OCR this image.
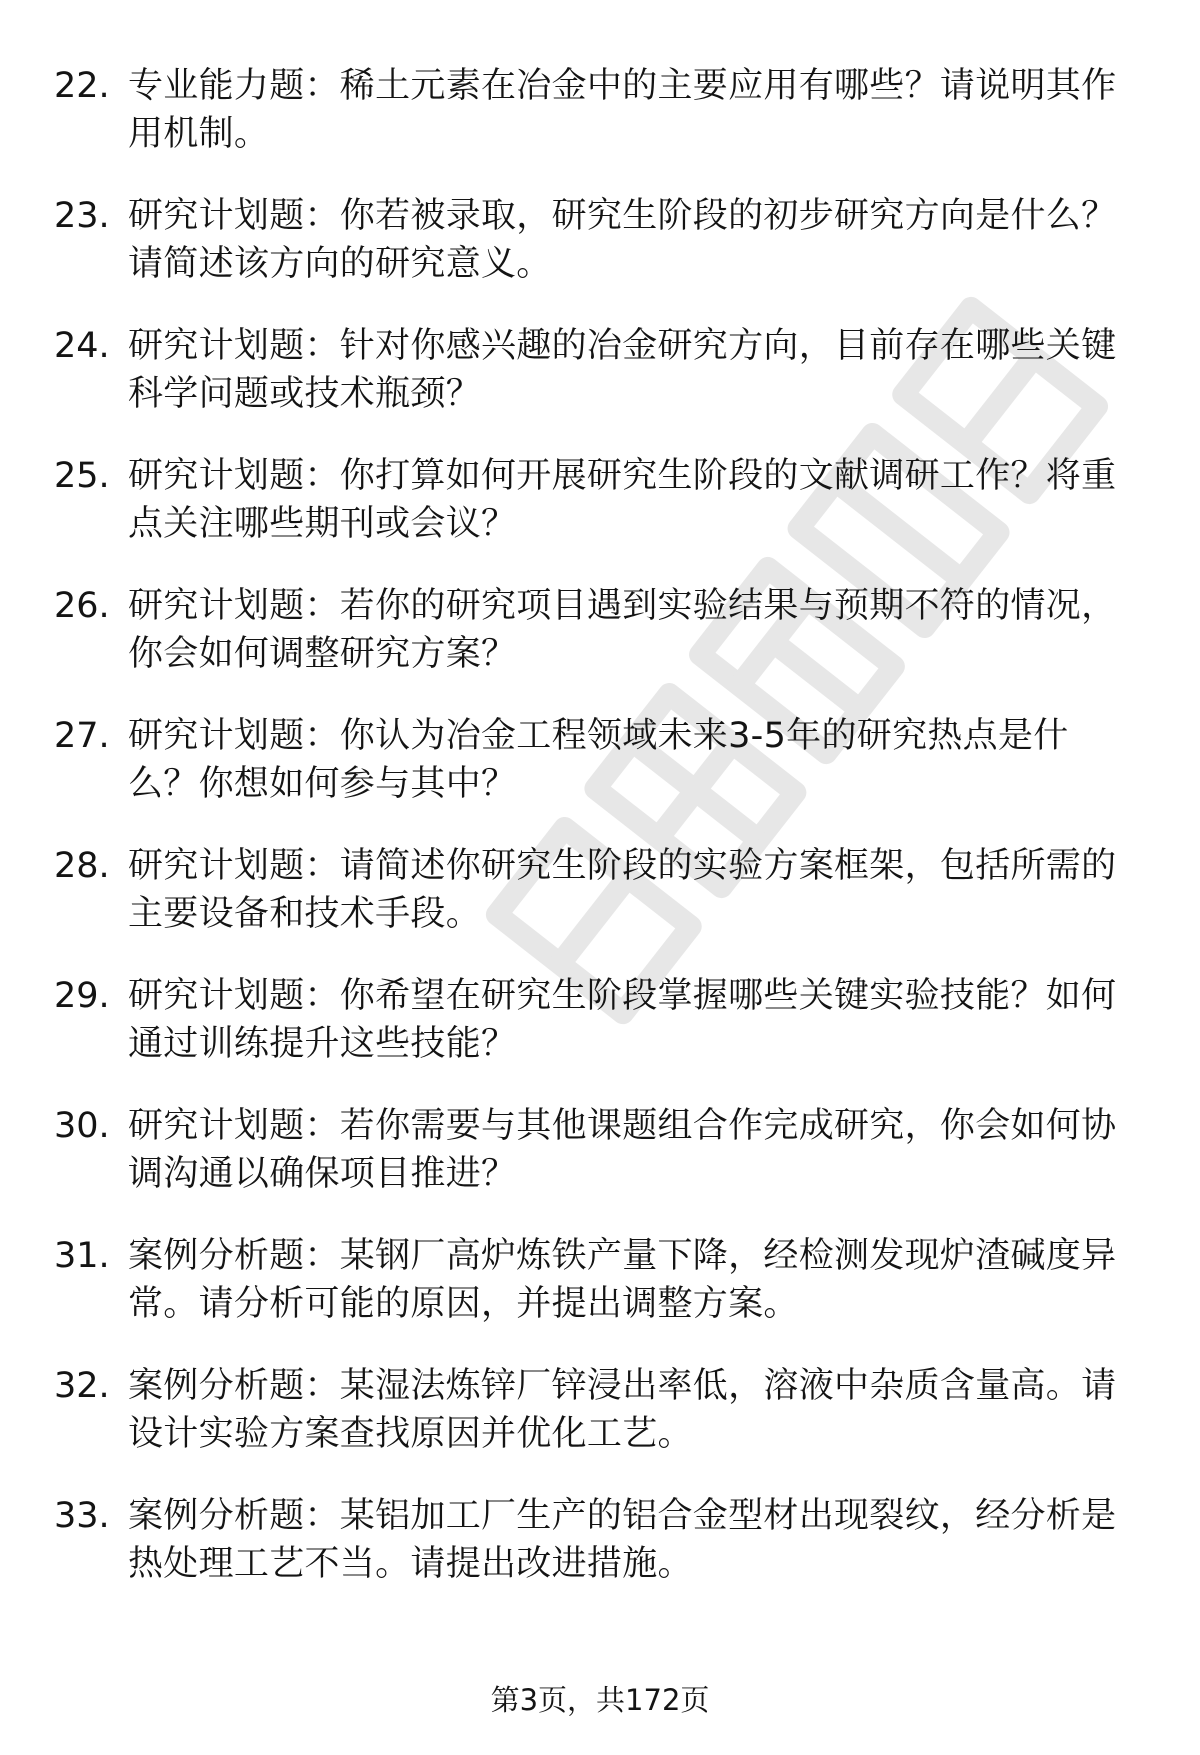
22. 专业能力题：稀土元素在冶金中的主要应用有哪些？请说明其作
用机制。
23. 研究计划题：你若被录取，研究生阶段的初步研究方向是什么？
请简述该方向的研究意义。
24. 研究计划题：针对你感兴趣的冶金研究方向，目前存在哪些关键
科学问题或技术瓶颈？
25. 研究计划题：你打算如何开展研究生阶段的文献调研工作？将重
点关注哪些期刊或会议？
26. 研究计划题：若你的研究项目遇到实验结果与预期不符的情况，
你会如何调整研究方案？
27. 研究计划题：你认为冶金工程领域未来3-5年的研究热点是什
么？你想如何参与其中？
28. 研究计划题：请简述你研究生阶段的实验方案框架，包括所需的
主要设备和技术手段。
29. 研究计划题：你希望在研究生阶段掌握哪些关键实验技能？如何
通过训练提升这些技能？
30. 研究计划题：若你需要与其他课题组合作完成研究，你会如何协
调沟通以确保项目推进？
31. 案例分析题：某钢厂高炉炼铁产量下降，经检测发现炉渣碱度异
常。请分析可能的原因，并提出调整方案。
32. 案例分析题：某湿法炼锌厂锌浸出率低，溶液中杂质含量高。请
设计实验方案查找原因并优化工艺。
33. 案例分析题：某铝加工厂生产的铝合金型材出现裂纹，经分析是
热处理工艺不当。请提出改进措施。
第3页，共172页
